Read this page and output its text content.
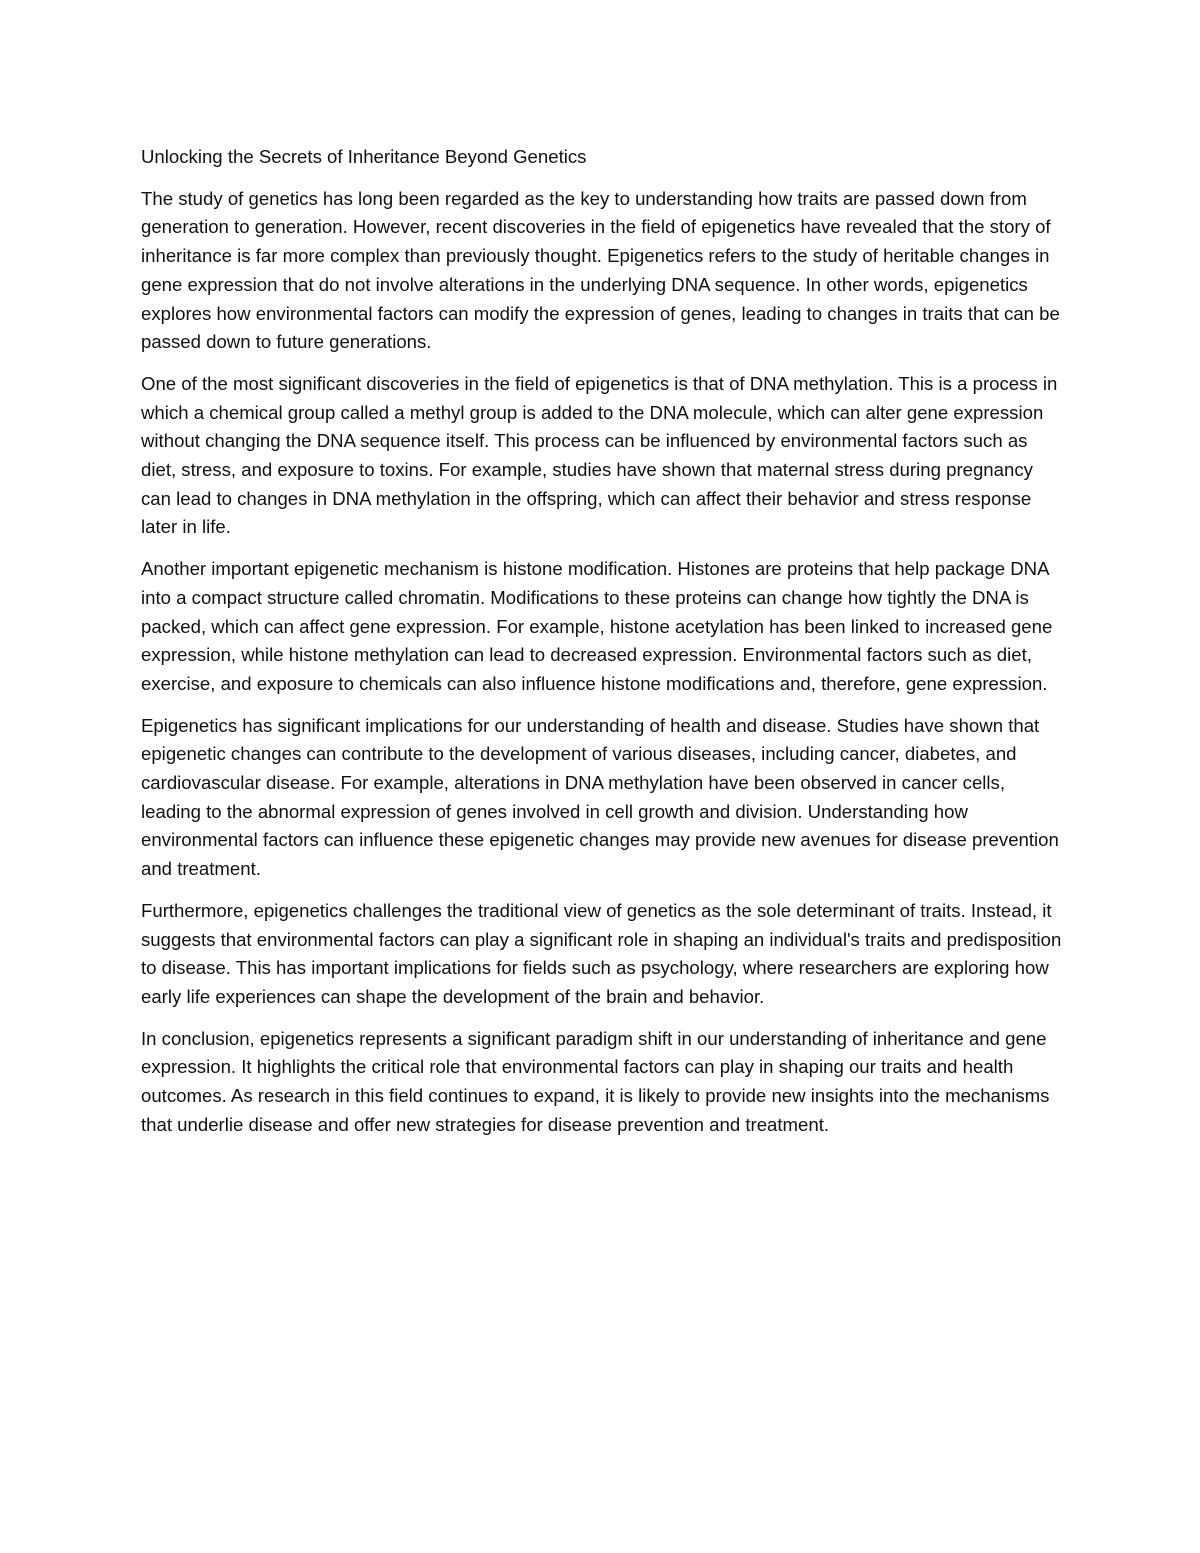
Unlocking the Secrets of Inheritance Beyond Genetics

The study of genetics has long been regarded as the key to understanding how traits are passed down from generation to generation. However, recent discoveries in the field of epigenetics have revealed that the story of inheritance is far more complex than previously thought. Epigenetics refers to the study of heritable changes in gene expression that do not involve alterations in the underlying DNA sequence. In other words, epigenetics explores how environmental factors can modify the expression of genes, leading to changes in traits that can be passed down to future generations.

One of the most significant discoveries in the field of epigenetics is that of DNA methylation. This is a process in which a chemical group called a methyl group is added to the DNA molecule, which can alter gene expression without changing the DNA sequence itself. This process can be influenced by environmental factors such as diet, stress, and exposure to toxins. For example, studies have shown that maternal stress during pregnancy can lead to changes in DNA methylation in the offspring, which can affect their behavior and stress response later in life.

Another important epigenetic mechanism is histone modification. Histones are proteins that help package DNA into a compact structure called chromatin. Modifications to these proteins can change how tightly the DNA is packed, which can affect gene expression. For example, histone acetylation has been linked to increased gene expression, while histone methylation can lead to decreased expression. Environmental factors such as diet, exercise, and exposure to chemicals can also influence histone modifications and, therefore, gene expression.

Epigenetics has significant implications for our understanding of health and disease. Studies have shown that epigenetic changes can contribute to the development of various diseases, including cancer, diabetes, and cardiovascular disease. For example, alterations in DNA methylation have been observed in cancer cells, leading to the abnormal expression of genes involved in cell growth and division. Understanding how environmental factors can influence these epigenetic changes may provide new avenues for disease prevention and treatment.

Furthermore, epigenetics challenges the traditional view of genetics as the sole determinant of traits. Instead, it suggests that environmental factors can play a significant role in shaping an individual's traits and predisposition to disease. This has important implications for fields such as psychology, where researchers are exploring how early life experiences can shape the development of the brain and behavior.

In conclusion, epigenetics represents a significant paradigm shift in our understanding of inheritance and gene expression. It highlights the critical role that environmental factors can play in shaping our traits and health outcomes. As research in this field continues to expand, it is likely to provide new insights into the mechanisms that underlie disease and offer new strategies for disease prevention and treatment.
